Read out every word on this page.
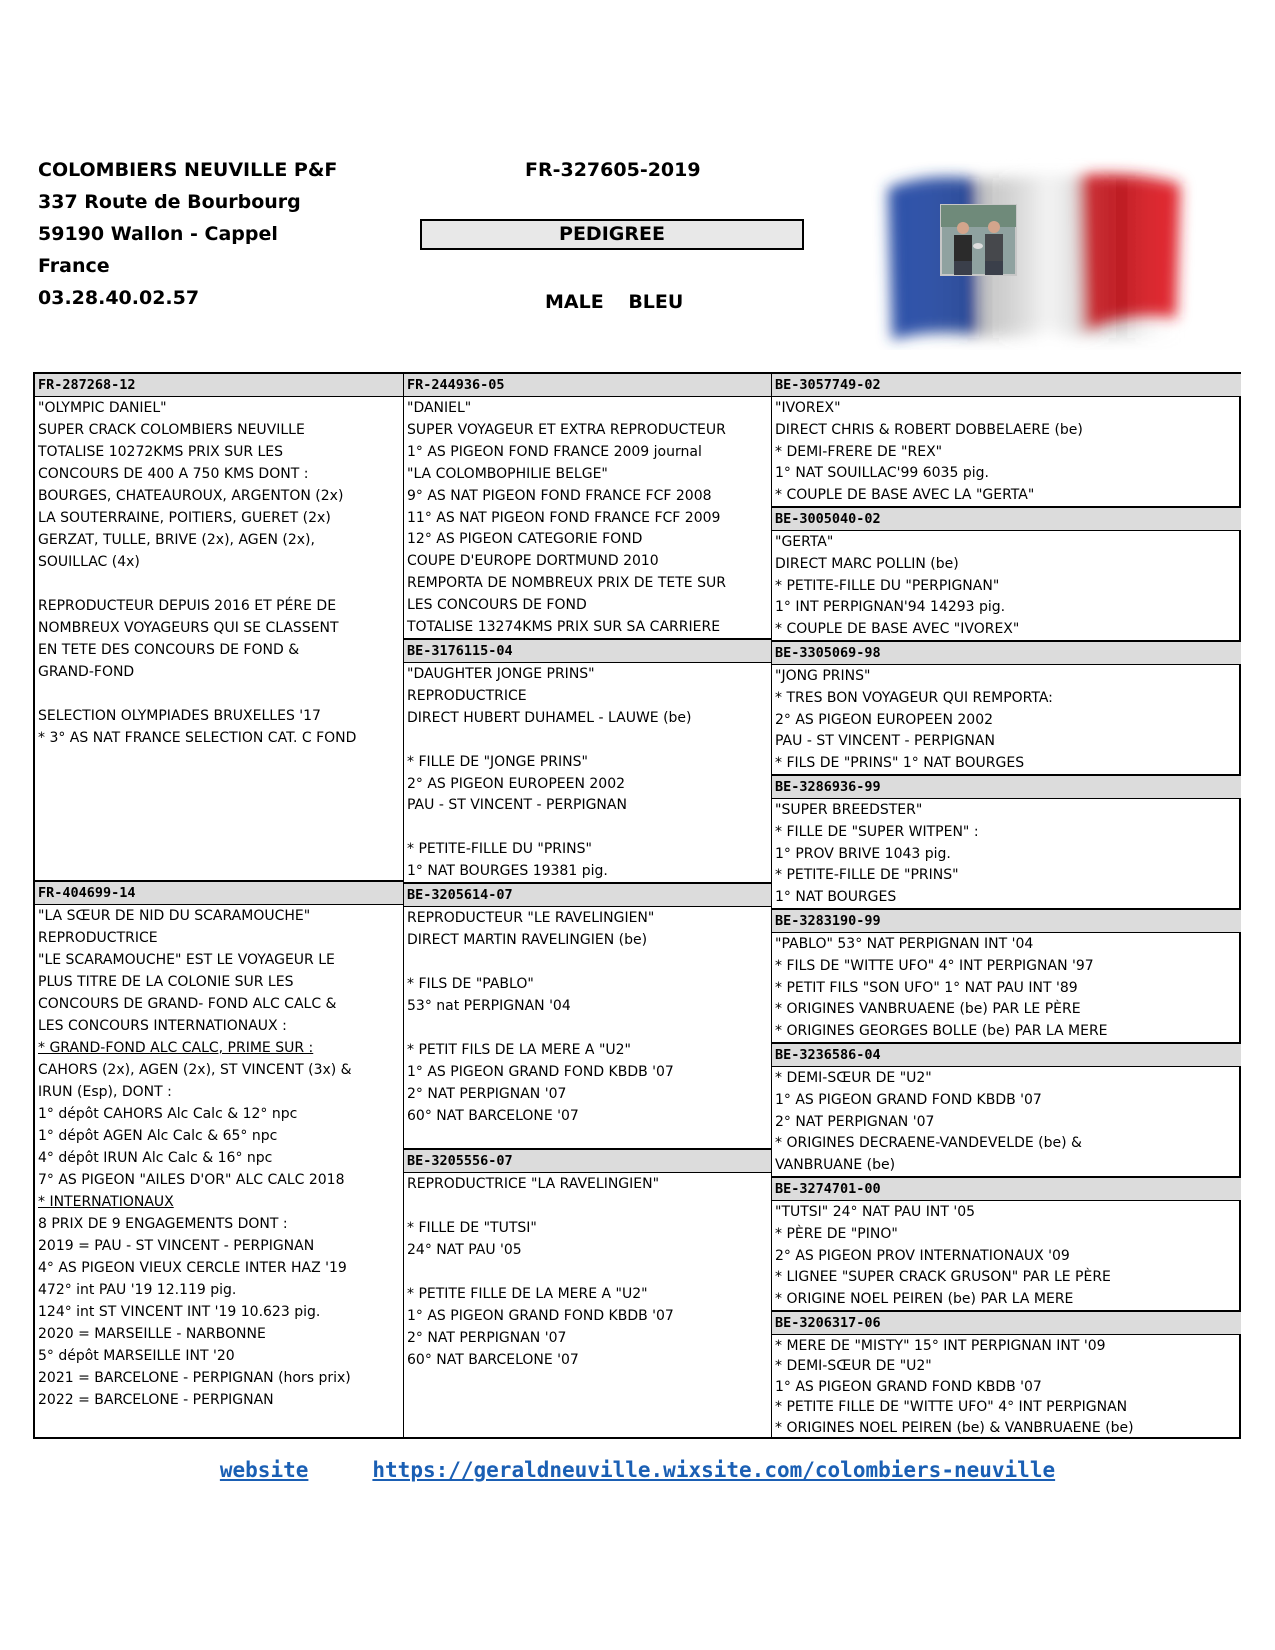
COLOMBIERS NEUVILLE P&F
337 Route de Bourbourg
59190 Wallon - Cappel
France
03.28.40.02.57
FR-327605-2019
PEDIGREE
MALE BLEU
FR-287268-12
"OLYMPIC DANIEL"
SUPER CRACK COLOMBIERS NEUVILLE
TOTALISE 10272KMS PRIX SUR LES
CONCOURS DE 400 A 750 KMS DONT :
BOURGES, CHATEAUROUX, ARGENTON (2x)
LA SOUTERRAINE, POITIERS, GUERET (2x)
GERZAT, TULLE, BRIVE (2x), AGEN (2x),
SOUILLAC (4x)
REPRODUCTEUR DEPUIS 2016 ET PÉRE DE
NOMBREUX VOYAGEURS QUI SE CLASSENT
EN TETE DES CONCOURS DE FOND &
GRAND-FOND
SELECTION OLYMPIADES BRUXELLES '17
* 3° AS NAT FRANCE SELECTION CAT. C FOND
FR-404699-14
"LA SŒUR DE NID DU SCARAMOUCHE"
REPRODUCTRICE
"LE SCARAMOUCHE" EST LE VOYAGEUR LE
PLUS TITRE DE LA COLONIE SUR LES
CONCOURS DE GRAND- FOND ALC CALC &
LES CONCOURS INTERNATIONAUX :
* GRAND-FOND ALC CALC, PRIME SUR :
CAHORS (2x), AGEN (2x), ST VINCENT (3x) &
IRUN (Esp), DONT :
1° dépôt CAHORS Alc Calc & 12° npc
1° dépôt AGEN Alc Calc & 65° npc
4° dépôt IRUN Alc Calc & 16° npc
7° AS PIGEON "AILES D'OR" ALC CALC 2018
* INTERNATIONAUX
8 PRIX DE 9 ENGAGEMENTS DONT :
2019 = PAU - ST VINCENT - PERPIGNAN
4° AS PIGEON VIEUX CERCLE INTER HAZ '19
472° int PAU '19 12.119 pig.
124° int ST VINCENT INT '19 10.623 pig.
2020 = MARSEILLE - NARBONNE
5° dépôt MARSEILLE INT '20
2021 = BARCELONE - PERPIGNAN (hors prix)
2022 = BARCELONE - PERPIGNAN
FR-244936-05
"DANIEL"
SUPER VOYAGEUR ET EXTRA REPRODUCTEUR
1° AS PIGEON FOND FRANCE 2009 journal
"LA COLOMBOPHILIE BELGE"
9° AS NAT PIGEON FOND FRANCE FCF 2008
11° AS NAT PIGEON FOND FRANCE FCF 2009
12° AS PIGEON CATEGORIE FOND
COUPE D'EUROPE DORTMUND 2010
REMPORTA DE NOMBREUX PRIX DE TETE SUR
LES CONCOURS DE FOND
TOTALISE 13274KMS PRIX SUR SA CARRIERE
BE-3176115-04
"DAUGHTER JONGE PRINS"
REPRODUCTRICE
DIRECT HUBERT DUHAMEL - LAUWE (be)
* FILLE DE "JONGE PRINS"
2° AS PIGEON EUROPEEN 2002
PAU - ST VINCENT - PERPIGNAN
* PETITE-FILLE DU "PRINS"
1° NAT BOURGES 19381 pig.
BE-3205614-07
REPRODUCTEUR "LE RAVELINGIEN"
DIRECT MARTIN RAVELINGIEN (be)
* FILS DE "PABLO"
53° nat PERPIGNAN '04
* PETIT FILS DE LA MERE A "U2"
1° AS PIGEON GRAND FOND KBDB '07
2° NAT PERPIGNAN '07
60° NAT BARCELONE '07
BE-3205556-07
REPRODUCTRICE "LA RAVELINGIEN"
* FILLE DE "TUTSI"
24° NAT PAU '05
* PETITE FILLE DE LA MERE A "U2"
1° AS PIGEON GRAND FOND KBDB '07
2° NAT PERPIGNAN '07
60° NAT BARCELONE '07
BE-3057749-02
"IVOREX"
DIRECT CHRIS & ROBERT DOBBELAERE (be)
* DEMI-FRERE DE "REX"
1° NAT SOUILLAC'99 6035 pig.
* COUPLE DE BASE AVEC LA "GERTA"
BE-3005040-02
"GERTA"
DIRECT MARC POLLIN (be)
* PETITE-FILLE DU "PERPIGNAN"
1° INT PERPIGNAN'94 14293 pig.
* COUPLE DE BASE AVEC "IVOREX"
BE-3305069-98
"JONG PRINS"
* TRES BON VOYAGEUR QUI REMPORTA:
2° AS PIGEON EUROPEEN 2002
PAU - ST VINCENT - PERPIGNAN
* FILS DE "PRINS" 1° NAT BOURGES
BE-3286936-99
"SUPER BREEDSTER"
* FILLE DE "SUPER WITPEN" :
1° PROV BRIVE 1043 pig.
* PETITE-FILLE DE "PRINS"
1° NAT BOURGES
BE-3283190-99
"PABLO" 53° NAT PERPIGNAN INT '04
* FILS DE "WITTE UFO" 4° INT PERPIGNAN '97
* PETIT FILS "SON UFO" 1° NAT PAU INT '89
* ORIGINES VANBRUAENE (be) PAR LE PÈRE
* ORIGINES GEORGES BOLLE (be) PAR LA MERE
BE-3236586-04
* DEMI-SŒUR DE "U2"
1° AS PIGEON GRAND FOND KBDB '07
2° NAT PERPIGNAN '07
* ORIGINES DECRAENE-VANDEVELDE (be) &
VANBRUANE (be)
BE-3274701-00
"TUTSI" 24° NAT PAU INT '05
* PÈRE DE "PINO"
2° AS PIGEON PROV INTERNATIONAUX '09
* LIGNEE "SUPER CRACK GRUSON" PAR LE PÈRE
* ORIGINE NOEL PEIREN (be) PAR LA MERE
BE-3206317-06
* MERE DE "MISTY" 15° INT PERPIGNAN INT '09
* DEMI-SŒUR DE "U2"
1° AS PIGEON GRAND FOND KBDB '07
* PETITE FILLE DE "WITTE UFO" 4° INT PERPIGNAN
* ORIGINES NOEL PEIREN (be) & VANBRUAENE (be)
website	https://geraldneuville.wixsite.com/colombiers-neuville
